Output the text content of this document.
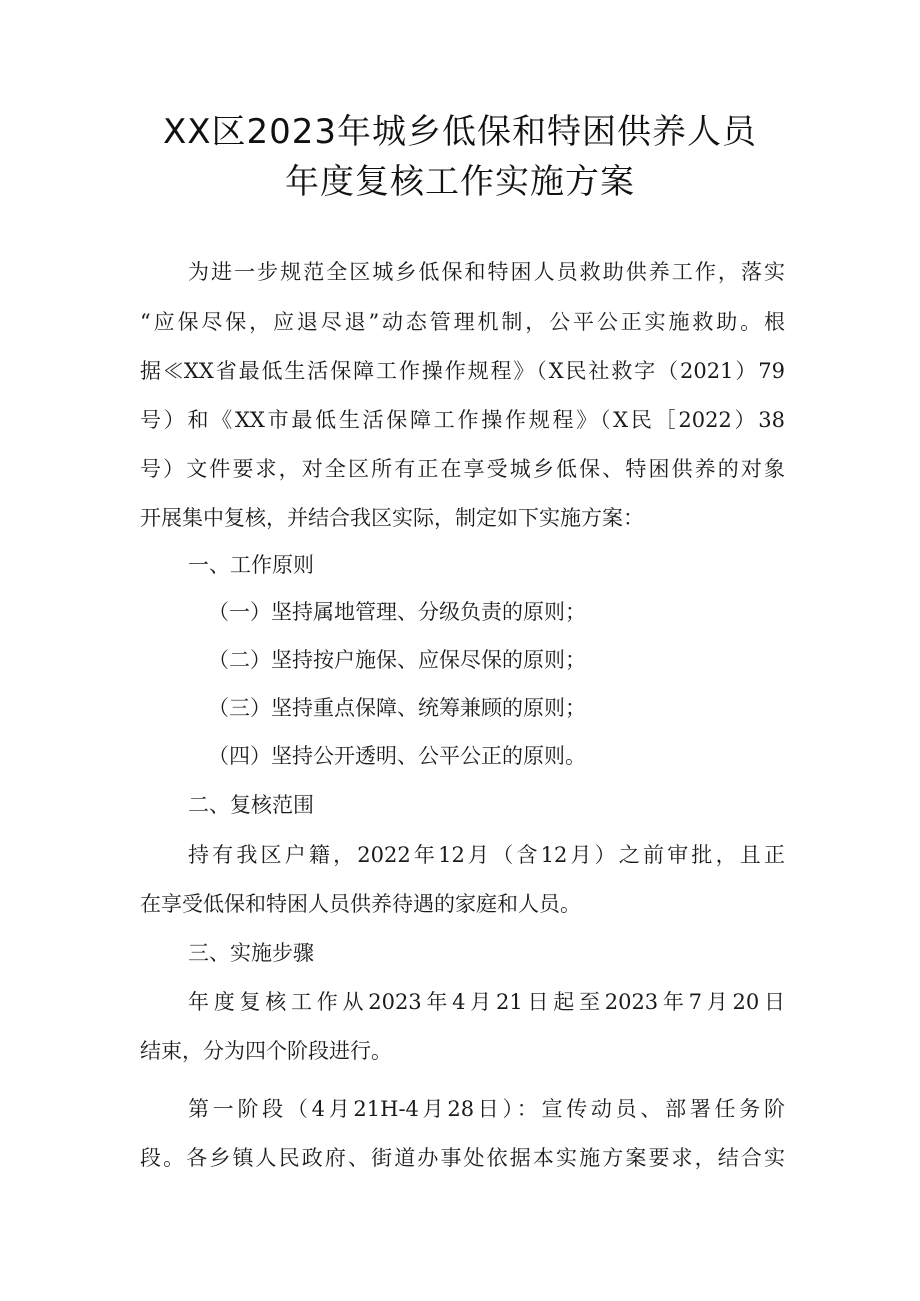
XX区2023年城乡低保和特困供养人员
年度复核工作实施方案
为进一步规范全区城乡低保和特困人员救助供养工作，落实
“应保尽保，应退尽退”动态管理机制，公平公正实施救助。根
据≪XX省最低生活保障工作操作规程》（X民社救字（2021）79
号）和《XX市最低生活保障工作操作规程》（X民［2022）38
号）文件要求，对全区所有正在享受城乡低保、特困供养的对象
开展集中复核，并结合我区实际，制定如下实施方案：
一、工作原则
（一）坚持属地管理、分级负责的原则；
（二）坚持按户施保、应保尽保的原则；
（三）坚持重点保障、统筹兼顾的原则；
（四）坚持公开透明、公平公正的原则。
二、复核范围
持有我区户籍，2022年12月（含12月）之前审批，且正
在享受低保和特困人员供养待遇的家庭和人员。
三、实施步骤
年度复核工作从2023年4月21日起至2023年7月20日
结束，分为四个阶段进行。
第一阶段（4月21H-4月28日）：宣传动员、部署任务阶
段。各乡镇人民政府、街道办事处依据本实施方案要求，结合实
